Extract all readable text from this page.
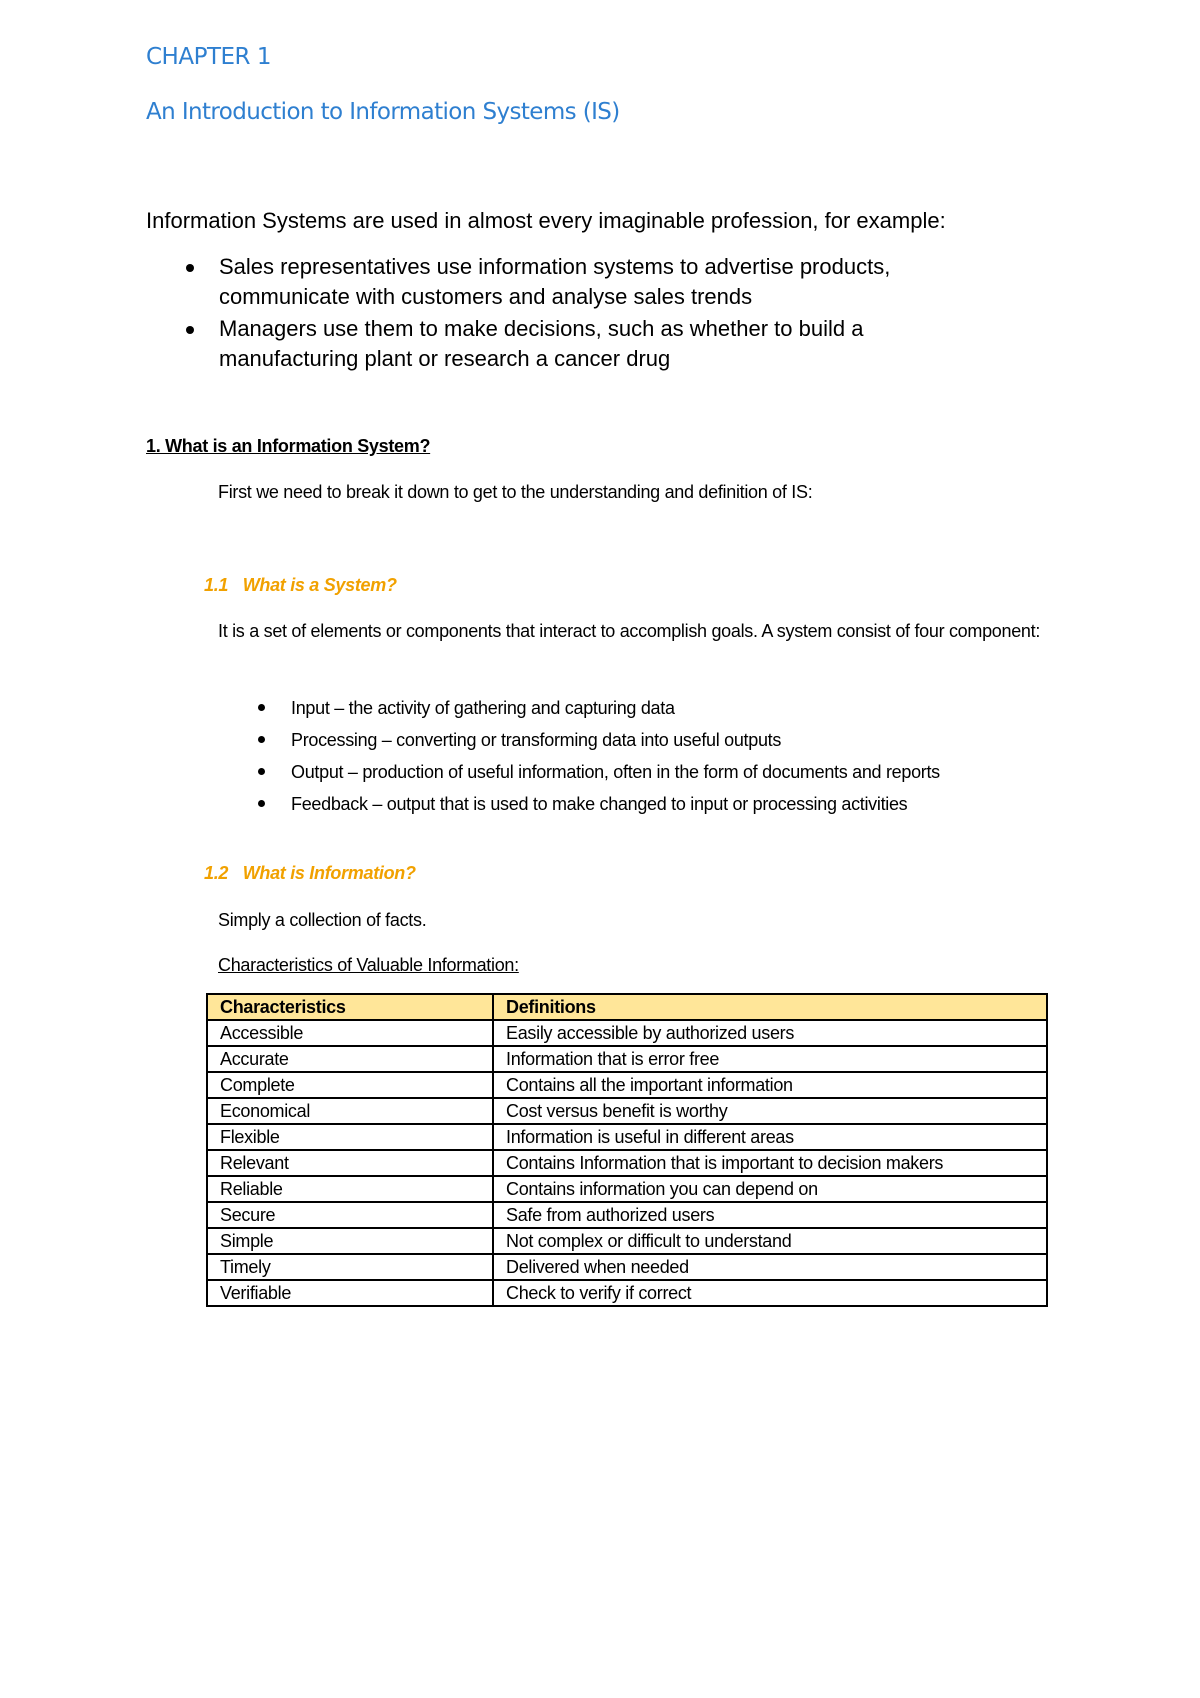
CHAPTER 1
An Introduction to Information Systems (IS)

Information Systems are used in almost every imaginable profession, for example:

Sales representatives use information systems to advertise products, communicate with customers and analyse sales trends
Managers use them to make decisions, such as whether to build a manufacturing plant or research a cancer drug
1. What is an Information System?

First we need to break it down to get to the understanding and definition of IS:

1.1 What is a System?

It is a set of elements or components that interact to accomplish goals. A system consist of four component:

Input – the activity of gathering and capturing data
Processing – converting or transforming data into useful outputs
Output – production of useful information, often in the form of documents and reports
Feedback – output that is used to make changed to input or processing activities
1.2 What is Information?

Simply a collection of facts.

Characteristics of Valuable Information:

Characteristics	Definitions
Accessible	Easily accessible by authorized users
Accurate	Information that is error free
Complete	Contains all the important information
Economical	Cost versus benefit is worthy
Flexible	Information is useful in different areas
Relevant	Contains Information that is important to decision makers
Reliable	Contains information you can depend on
Secure	Safe from authorized users
Simple	Not complex or difficult to understand
Timely	Delivered when needed
Verifiable	Check to verify if correct
